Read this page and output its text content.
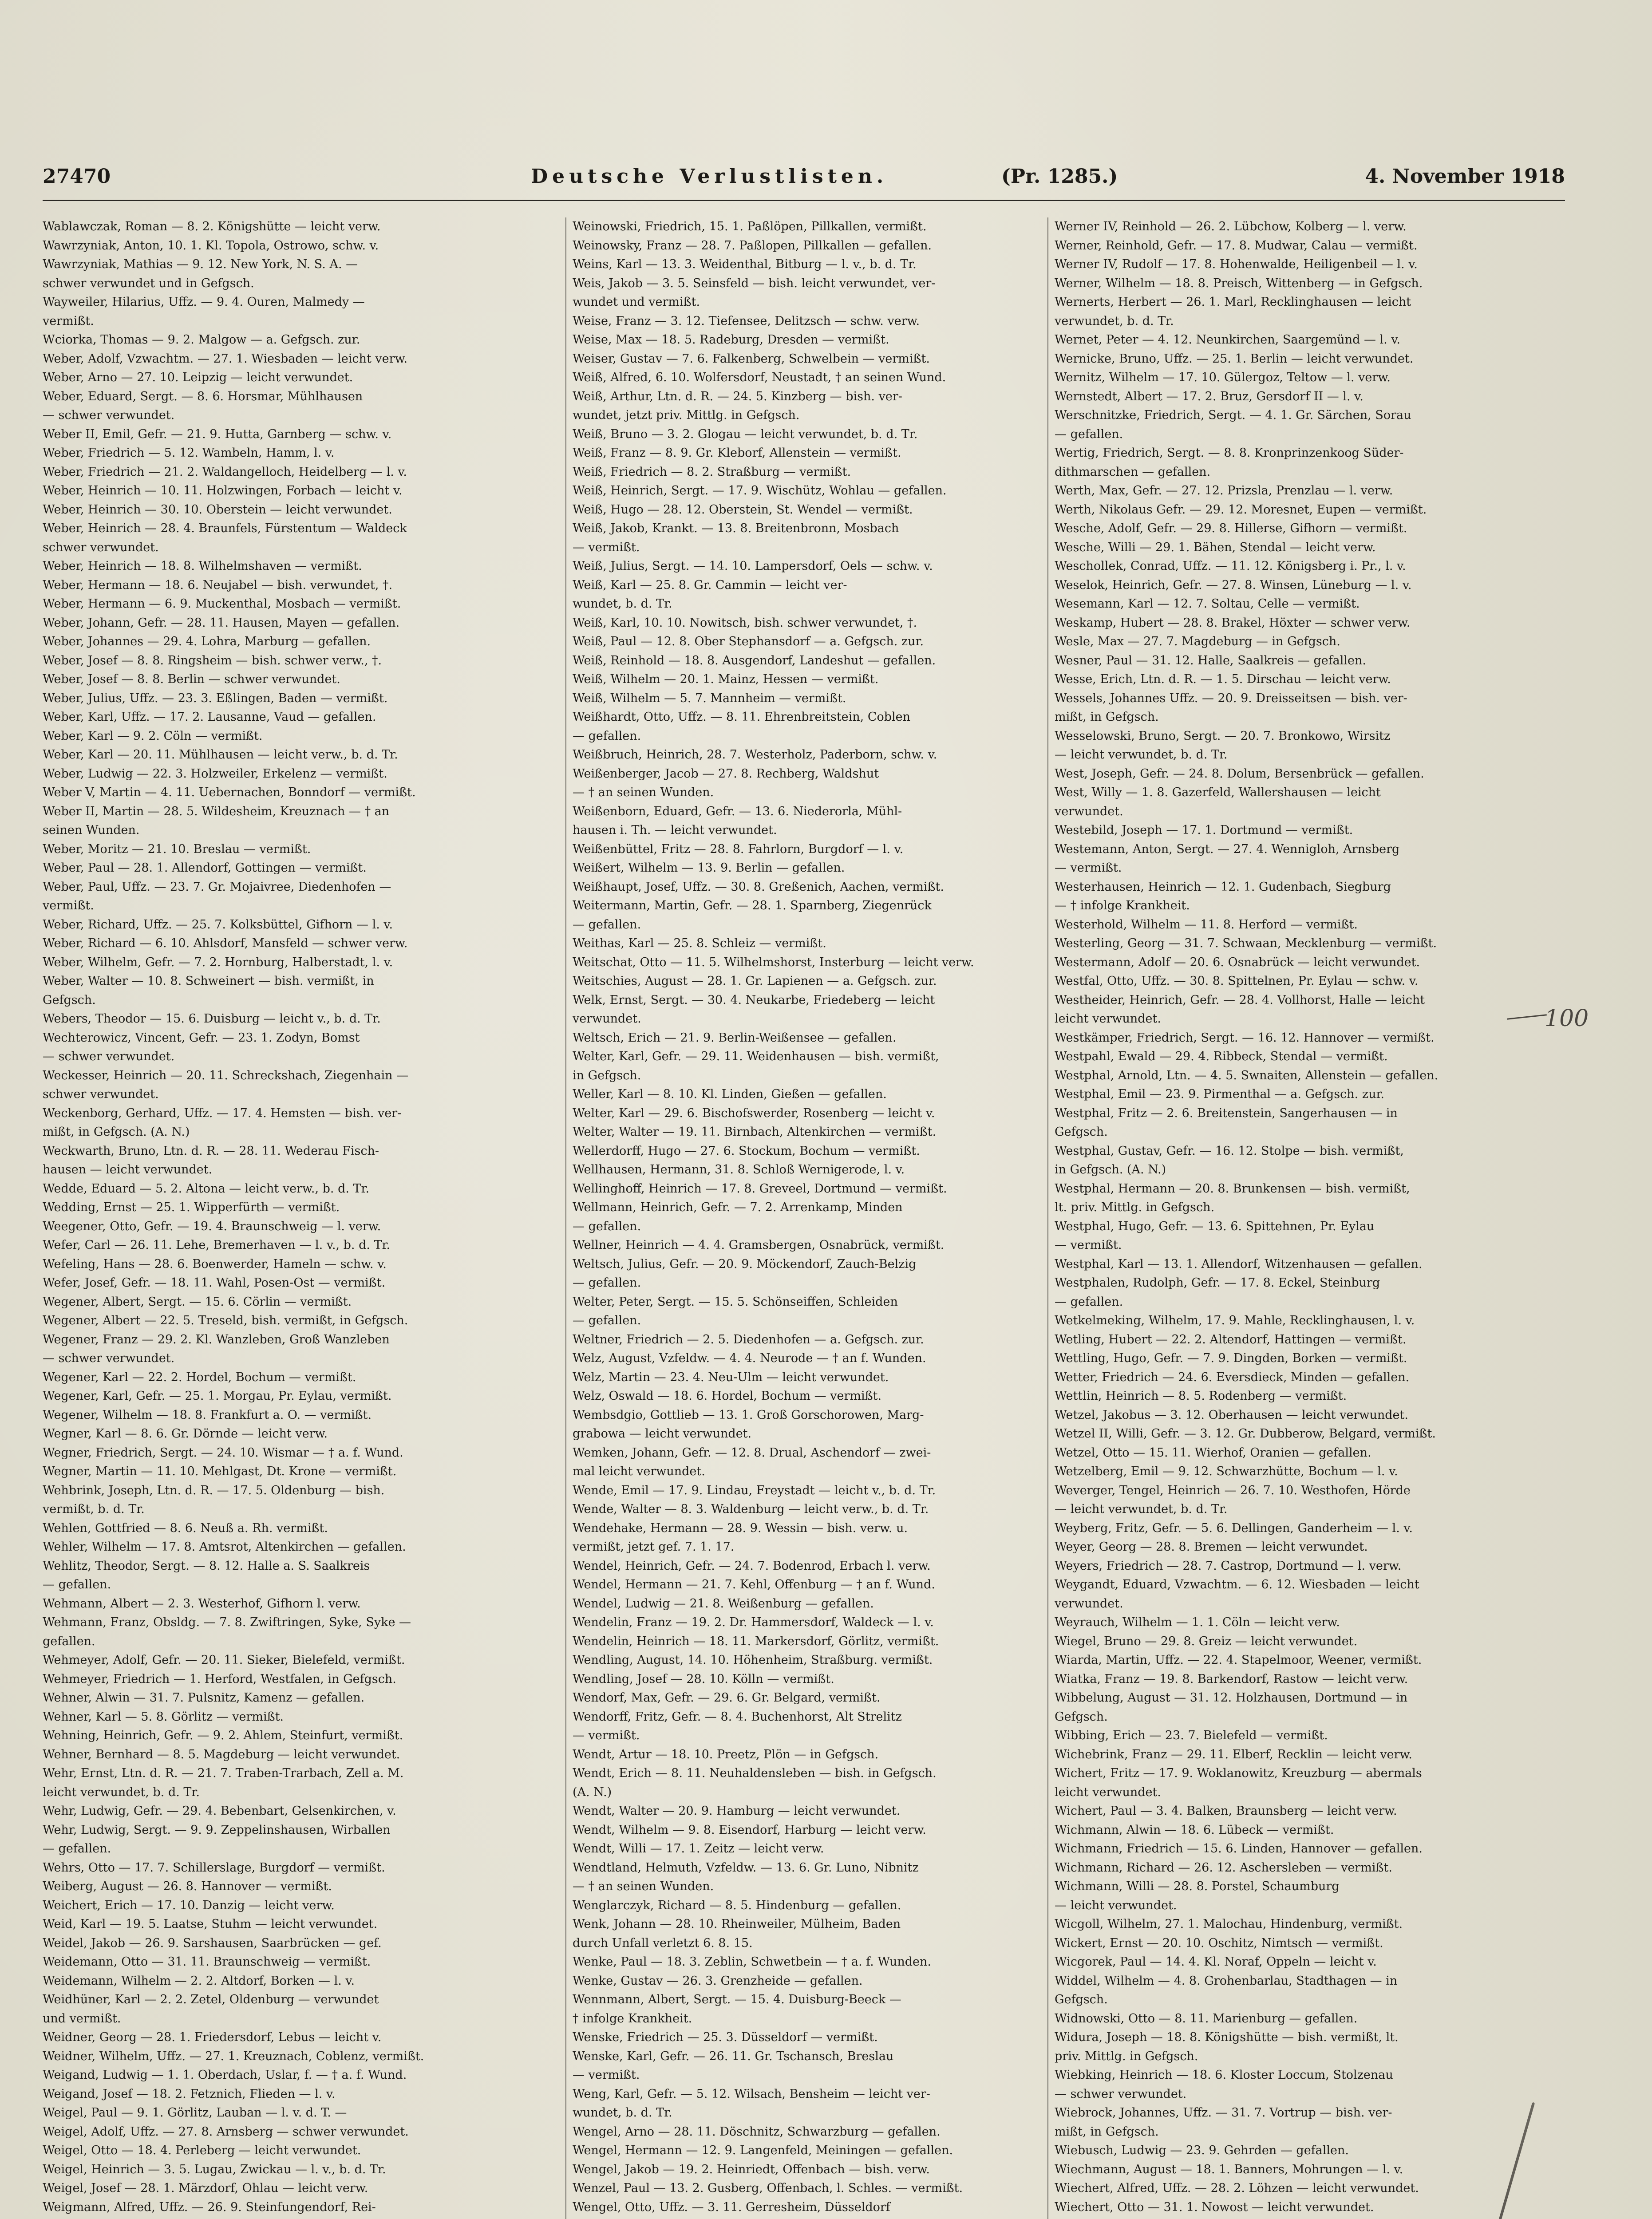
27470	Deutsche Verlustlisten.	(Pr. 1285.)	4. November 1918

Wablawczak, Roman — 8. 2. Königshütte — leicht verw.

Wawrzyniak, Anton, 10. 1. Kl. Topola, Ostrowo, schw. v.

Wawrzyniak, Mathias — 9. 12. New York, N. S. A. —

schwer verwundet und in Gefgsch.

Wayweiler, Hilarius, Uffz. — 9. 4. Ouren, Malmedy —

vermißt.

Wciorka, Thomas — 9. 2. Malgow — a. Gefgsch. zur.

Weber, Adolf, Vzwachtm. — 27. 1. Wiesbaden — leicht verw.

Weber, Arno — 27. 10. Leipzig — leicht verwundet.

Weber, Eduard, Sergt. — 8. 6. Horsmar, Mühlhausen

— schwer verwundet.

Weber II, Emil, Gefr. — 21. 9. Hutta, Garnberg — schw. v.

Weber, Friedrich — 5. 12. Wambeln, Hamm, l. v.

Weber, Friedrich — 21. 2. Waldangelloch, Heidelberg — l. v.

Weber, Heinrich — 10. 11. Holzwingen, Forbach — leicht v.

Weber, Heinrich — 30. 10. Oberstein — leicht verwundet.

Weber, Heinrich — 28. 4. Braunfels, Fürstentum — Waldeck

schwer verwundet.

Weber, Heinrich — 18. 8. Wilhelmshaven — vermißt.

Weber, Hermann — 18. 6. Neujabel — bish. verwundet, †.

Weber, Hermann — 6. 9. Muckenthal, Mosbach — vermißt.

Weber, Johann, Gefr. — 28. 11. Hausen, Mayen — gefallen.

Weber, Johannes — 29. 4. Lohra, Marburg — gefallen.

Weber, Josef — 8. 8. Ringsheim — bish. schwer verw., †.

Weber, Josef — 8. 8. Berlin — schwer verwundet.

Weber, Julius, Uffz. — 23. 3. Eßlingen, Baden — vermißt.

Weber, Karl, Uffz. — 17. 2. Lausanne, Vaud — gefallen.

Weber, Karl — 9. 2. Cöln — vermißt.

Weber, Karl — 20. 11. Mühlhausen — leicht verw., b. d. Tr.

Weber, Ludwig — 22. 3. Holzweiler, Erkelenz — vermißt.

Weber V, Martin — 4. 11. Uebernachen, Bonndorf — vermißt.

Weber II, Martin — 28. 5. Wildesheim, Kreuznach — † an

seinen Wunden.

Weber, Moritz — 21. 10. Breslau — vermißt.

Weber, Paul — 28. 1. Allendorf, Gottingen — vermißt.

Weber, Paul, Uffz. — 23. 7. Gr. Mojaivree, Diedenhofen —

vermißt.

Weber, Richard, Uffz. — 25. 7. Kolksbüttel, Gifhorn — l. v.

Weber, Richard — 6. 10. Ahlsdorf, Mansfeld — schwer verw.

Weber, Wilhelm, Gefr. — 7. 2. Hornburg, Halberstadt, l. v.

Weber, Walter — 10. 8. Schweinert — bish. vermißt, in

Gefgsch.

Webers, Theodor — 15. 6. Duisburg — leicht v., b. d. Tr.

Wechterowicz, Vincent, Gefr. — 23. 1. Zodyn, Bomst

— schwer verwundet.

Weckesser, Heinrich — 20. 11. Schreckshach, Ziegenhain —

schwer verwundet.

Weckenborg, Gerhard, Uffz. — 17. 4. Hemsten — bish. ver-

mißt, in Gefgsch. (A. N.)

Weckwarth, Bruno, Ltn. d. R. — 28. 11. Wederau Fisch-

hausen — leicht verwundet.

Wedde, Eduard — 5. 2. Altona — leicht verw., b. d. Tr.

Wedding, Ernst — 25. 1. Wipperfürth — vermißt.

Weegener, Otto, Gefr. — 19. 4. Braunschweig — l. verw.

Wefer, Carl — 26. 11. Lehe, Bremerhaven — l. v., b. d. Tr.

Wefeling, Hans — 28. 6. Boenwerder, Hameln — schw. v.

Wefer, Josef, Gefr. — 18. 11. Wahl, Posen-Ost — vermißt.

Wegener, Albert, Sergt. — 15. 6. Cörlin — vermißt.

Wegener, Albert — 22. 5. Treseld, bish. vermißt, in Gefgsch.

Wegener, Franz — 29. 2. Kl. Wanzleben, Groß Wanzleben

— schwer verwundet.

Wegener, Karl — 22. 2. Hordel, Bochum — vermißt.

Wegener, Karl, Gefr. — 25. 1. Morgau, Pr. Eylau, vermißt.

Wegener, Wilhelm — 18. 8. Frankfurt a. O. — vermißt.

Wegner, Karl — 8. 6. Gr. Dörnde — leicht verw.

Wegner, Friedrich, Sergt. — 24. 10. Wismar — † a. f. Wund.

Wegner, Martin — 11. 10. Mehlgast, Dt. Krone — vermißt.

Wehbrink, Joseph, Ltn. d. R. — 17. 5. Oldenburg — bish.

vermißt, b. d. Tr.

Wehlen, Gottfried — 8. 6. Neuß a. Rh. vermißt.

Wehler, Wilhelm — 17. 8. Amtsrot, Altenkirchen — gefallen.

Wehlitz, Theodor, Sergt. — 8. 12. Halle a. S. Saalkreis

— gefallen.

Wehmann, Albert — 2. 3. Westerhof, Gifhorn l. verw.

Wehmann, Franz, Obsldg. — 7. 8. Zwiftringen, Syke, Syke —

gefallen.

Wehmeyer, Adolf, Gefr. — 20. 11. Sieker, Bielefeld, vermißt.

Wehmeyer, Friedrich — 1. Herford, Westfalen, in Gefgsch.

Wehner, Alwin — 31. 7. Pulsnitz, Kamenz — gefallen.

Wehner, Karl — 5. 8. Görlitz — vermißt.

Wehning, Heinrich, Gefr. — 9. 2. Ahlem, Steinfurt, vermißt.

Wehner, Bernhard — 8. 5. Magdeburg — leicht verwundet.

Wehr, Ernst, Ltn. d. R. — 21. 7. Traben-Trarbach, Zell a. M.

leicht verwundet, b. d. Tr.

Wehr, Ludwig, Gefr. — 29. 4. Bebenbart, Gelsenkirchen, v.

Wehr, Ludwig, Sergt. — 9. 9. Zeppelinshausen, Wirballen

— gefallen.

Wehrs, Otto — 17. 7. Schillerslage, Burgdorf — vermißt.

Weiberg, August — 26. 8. Hannover — vermißt.

Weichert, Erich — 17. 10. Danzig — leicht verw.

Weid, Karl — 19. 5. Laatse, Stuhm — leicht verwundet.

Weidel, Jakob — 26. 9. Sarshausen, Saarbrücken — gef.

Weidemann, Otto — 31. 11. Braunschweig — vermißt.

Weidemann, Wilhelm — 2. 2. Altdorf, Borken — l. v.

Weidhüner, Karl — 2. 2. Zetel, Oldenburg — verwundet

und vermißt.

Weidner, Georg — 28. 1. Friedersdorf, Lebus — leicht v.

Weidner, Wilhelm, Uffz. — 27. 1. Kreuznach, Coblenz, vermißt.

Weigand, Ludwig — 1. 1. Oberdach, Uslar, f. — † a. f. Wund.

Weigand, Josef — 18. 2. Fetznich, Flieden — l. v.

Weigel, Paul — 9. 1. Görlitz, Lauban — l. v. d. T. —

Weigel, Adolf, Uffz. — 27. 8. Arnsberg — schwer verwundet.

Weigel, Otto — 18. 4. Perleberg — leicht verwundet.

Weigel, Heinrich — 3. 5. Lugau, Zwickau — l. v., b. d. Tr.

Weigel, Josef — 28. 1. Märzdorf, Ohlau — leicht verw.

Weigmann, Alfred, Uffz. — 26. 9. Steinfungendorf, Rei-

Weinowski, Friedrich, 15. 1. Paßlöpen, Pillkallen, vermißt.

Weinowsky, Franz — 28. 7. Paßlopen, Pillkallen — gefallen.

Weins, Karl — 13. 3. Weidenthal, Bitburg — l. v., b. d. Tr.

Weis, Jakob — 3. 5. Seinsfeld — bish. leicht verwundet, ver-

wundet und vermißt.

Weise, Franz — 3. 12. Tiefensee, Delitzsch — schw. verw.

Weise, Max — 18. 5. Radeburg, Dresden — vermißt.

Weiser, Gustav — 7. 6. Falkenberg, Schwelbein — vermißt.

Weiß, Alfred, 6. 10. Wolfersdorf, Neustadt, † an seinen Wund.

Weiß, Arthur, Ltn. d. R. — 24. 5. Kinzberg — bish. ver-

wundet, jetzt priv. Mittlg. in Gefgsch.

Weiß, Bruno — 3. 2. Glogau — leicht verwundet, b. d. Tr.

Weiß, Franz — 8. 9. Gr. Kleborf, Allenstein — vermißt.

Weiß, Friedrich — 8. 2. Straßburg — vermißt.

Weiß, Heinrich, Sergt. — 17. 9. Wischütz, Wohlau — gefallen.

Weiß, Hugo — 28. 12. Oberstein, St. Wendel — vermißt.

Weiß, Jakob, Krankt. — 13. 8. Breitenbronn, Mosbach

— vermißt.

Weiß, Julius, Sergt. — 14. 10. Lampersdorf, Oels — schw. v.

Weiß, Karl — 25. 8. Gr. Cammin — leicht ver-

wundet, b. d. Tr.

Weiß, Karl, 10. 10. Nowitsch, bish. schwer verwundet, †.

Weiß, Paul — 12. 8. Ober Stephansdorf — a. Gefgsch. zur.

Weiß, Reinhold — 18. 8. Ausgendorf, Landeshut — gefallen.

Weiß, Wilhelm — 20. 1. Mainz, Hessen — vermißt.

Weiß, Wilhelm — 5. 7. Mannheim — vermißt.

Weißhardt, Otto, Uffz. — 8. 11. Ehrenbreitstein, Coblen

— gefallen.

Weißbruch, Heinrich, 28. 7. Westerholz, Paderborn, schw. v.

Weißenberger, Jacob — 27. 8. Rechberg, Waldshut

— † an seinen Wunden.

Weißenborn, Eduard, Gefr. — 13. 6. Niederorla, Mühl-

hausen i. Th. — leicht verwundet.

Weißenbüttel, Fritz — 28. 8. Fahrlorn, Burgdorf — l. v.

Weißert, Wilhelm — 13. 9. Berlin — gefallen.

Weißhaupt, Josef, Uffz. — 30. 8. Greßenich, Aachen, vermißt.

Weitermann, Martin, Gefr. — 28. 1. Sparnberg, Ziegenrück

— gefallen.

Weithas, Karl — 25. 8. Schleiz — vermißt.

Weitschat, Otto — 11. 5. Wilhelmshorst, Insterburg — leicht verw.

Weitschies, August — 28. 1. Gr. Lapienen — a. Gefgsch. zur.

Welk, Ernst, Sergt. — 30. 4. Neukarbe, Friedeberg — leicht

verwundet.

Weltsch, Erich — 21. 9. Berlin-Weißensee — gefallen.

Welter, Karl, Gefr. — 29. 11. Weidenhausen — bish. vermißt,

in Gefgsch.

Weller, Karl — 8. 10. Kl. Linden, Gießen — gefallen.

Welter, Karl — 29. 6. Bischofswerder, Rosenberg — leicht v.

Welter, Walter — 19. 11. Birnbach, Altenkirchen — vermißt.

Wellerdorff, Hugo — 27. 6. Stockum, Bochum — vermißt.

Wellhausen, Hermann, 31. 8. Schloß Wernigerode, l. v.

Wellinghoff, Heinrich — 17. 8. Greveel, Dortmund — vermißt.

Wellmann, Heinrich, Gefr. — 7. 2. Arrenkamp, Minden

— gefallen.

Wellner, Heinrich — 4. 4. Gramsbergen, Osnabrück, vermißt.

Weltsch, Julius, Gefr. — 20. 9. Möckendorf, Zauch-Belzig

— gefallen.

Welter, Peter, Sergt. — 15. 5. Schönseiffen, Schleiden

— gefallen.

Weltner, Friedrich — 2. 5. Diedenhofen — a. Gefgsch. zur.

Welz, August, Vzfeldw. — 4. 4. Neurode — † an f. Wunden.

Welz, Martin — 23. 4. Neu-Ulm — leicht verwundet.

Welz, Oswald — 18. 6. Hordel, Bochum — vermißt.

Wembsdgio, Gottlieb — 13. 1. Groß Gorschorowen, Marg-

grabowa — leicht verwundet.

Wemken, Johann, Gefr. — 12. 8. Drual, Aschendorf — zwei-

mal leicht verwundet.

Wende, Emil — 17. 9. Lindau, Freystadt — leicht v., b. d. Tr.

Wende, Walter — 8. 3. Waldenburg — leicht verw., b. d. Tr.

Wendehake, Hermann — 28. 9. Wessin — bish. verw. u.

vermißt, jetzt gef. 7. 1. 17.

Wendel, Heinrich, Gefr. — 24. 7. Bodenrod, Erbach l. verw.

Wendel, Hermann — 21. 7. Kehl, Offenburg — † an f. Wund.

Wendel, Ludwig — 21. 8. Weißenburg — gefallen.

Wendelin, Franz — 19. 2. Dr. Hammersdorf, Waldeck — l. v.

Wendelin, Heinrich — 18. 11. Markersdorf, Görlitz, vermißt.

Wendling, August, 14. 10. Höhenheim, Straßburg. vermißt.

Wendling, Josef — 28. 10. Kölln — vermißt.

Wendorf, Max, Gefr. — 29. 6. Gr. Belgard, vermißt.

Wendorff, Fritz, Gefr. — 8. 4. Buchenhorst, Alt Strelitz

— vermißt.

Wendt, Artur — 18. 10. Preetz, Plön — in Gefgsch.

Wendt, Erich — 8. 11. Neuhaldensleben — bish. in Gefgsch.

(A. N.)

Wendt, Walter — 20. 9. Hamburg — leicht verwundet.

Wendt, Wilhelm — 9. 8. Eisendorf, Harburg — leicht verw.

Wendt, Willi — 17. 1. Zeitz — leicht verw.

Wendtland, Helmuth, Vzfeldw. — 13. 6. Gr. Luno, Nibnitz

— † an seinen Wunden.

Wenglarczyk, Richard — 8. 5. Hindenburg — gefallen.

Wenk, Johann — 28. 10. Rheinweiler, Mülheim, Baden

durch Unfall verletzt 6. 8. 15.

Wenke, Paul — 18. 3. Zeblin, Schwetbein — † a. f. Wunden.

Wenke, Gustav — 26. 3. Grenzheide — gefallen.

Wennmann, Albert, Sergt. — 15. 4. Duisburg-Beeck —

† infolge Krankheit.

Wenske, Friedrich — 25. 3. Düsseldorf — vermißt.

Wenske, Karl, Gefr. — 26. 11. Gr. Tschansch, Breslau

— vermißt.

Weng, Karl, Gefr. — 5. 12. Wilsach, Bensheim — leicht ver-

wundet, b. d. Tr.

Wengel, Arno — 28. 11. Döschnitz, Schwarzburg — gefallen.

Wengel, Hermann — 12. 9. Langenfeld, Meiningen — gefallen.

Wengel, Jakob — 19. 2. Heinriedt, Offenbach — bish. verw.

Wenzel, Paul — 13. 2. Gusberg, Offenbach, l. Schles. — vermißt.

Wengel, Otto, Uffz. — 3. 11. Gerresheim, Düsseldorf

Werner IV, Reinhold — 26. 2. Lübchow, Kolberg — l. verw.

Werner, Reinhold, Gefr. — 17. 8. Mudwar, Calau — vermißt.

Werner IV, Rudolf — 17. 8. Hohenwalde, Heiligenbeil — l. v.

Werner, Wilhelm — 18. 8. Preisch, Wittenberg — in Gefgsch.

Wernerts, Herbert — 26. 1. Marl, Recklinghausen — leicht

verwundet, b. d. Tr.

Wernet, Peter — 4. 12. Neunkirchen, Saargemünd — l. v.

Wernicke, Bruno, Uffz. — 25. 1. Berlin — leicht verwundet.

Wernitz, Wilhelm — 17. 10. Gülergoz, Teltow — l. verw.

Wernstedt, Albert — 17. 2. Bruz, Gersdorf II — l. v.

Werschnitzke, Friedrich, Sergt. — 4. 1. Gr. Särchen, Sorau

— gefallen.

Wertig, Friedrich, Sergt. — 8. 8. Kronprinzenkoog Süder-

dithmarschen — gefallen.

Werth, Max, Gefr. — 27. 12. Prizsla, Prenzlau — l. verw.

Werth, Nikolaus Gefr. — 29. 12. Moresnet, Eupen — vermißt.

Wesche, Adolf, Gefr. — 29. 8. Hillerse, Gifhorn — vermißt.

Wesche, Willi — 29. 1. Bähen, Stendal — leicht verw.

Weschollek, Conrad, Uffz. — 11. 12. Königsberg i. Pr., l. v.

Weselok, Heinrich, Gefr. — 27. 8. Winsen, Lüneburg — l. v.

Wesemann, Karl — 12. 7. Soltau, Celle — vermißt.

Weskamp, Hubert — 28. 8. Brakel, Höxter — schwer verw.

Wesle, Max — 27. 7. Magdeburg — in Gefgsch.

Wesner, Paul — 31. 12. Halle, Saalkreis — gefallen.

Wesse, Erich, Ltn. d. R. — 1. 5. Dirschau — leicht verw.

Wessels, Johannes Uffz. — 20. 9. Dreisseitsen — bish. ver-

mißt, in Gefgsch.

Wesselowski, Bruno, Sergt. — 20. 7. Bronkowo, Wirsitz

— leicht verwundet, b. d. Tr.

West, Joseph, Gefr. — 24. 8. Dolum, Bersenbrück — gefallen.

West, Willy — 1. 8. Gazerfeld, Wallershausen — leicht

verwundet.

Westebild, Joseph — 17. 1. Dortmund — vermißt.

Westemann, Anton, Sergt. — 27. 4. Wennigloh, Arnsberg

— vermißt.

Westerhausen, Heinrich — 12. 1. Gudenbach, Siegburg

— † infolge Krankheit.

Westerhold, Wilhelm — 11. 8. Herford — vermißt.

Westerling, Georg — 31. 7. Schwaan, Mecklenburg — vermißt.

Westermann, Adolf — 20. 6. Osnabrück — leicht verwundet.

Westfal, Otto, Uffz. — 30. 8. Spittelnen, Pr. Eylau — schw. v.

Westheider, Heinrich, Gefr. — 28. 4. Vollhorst, Halle — leicht

leicht verwundet.

Westkämper, Friedrich, Sergt. — 16. 12. Hannover — vermißt.

Westpahl, Ewald — 29. 4. Ribbeck, Stendal — vermißt.

Westphal, Arnold, Ltn. — 4. 5. Swnaiten, Allenstein — gefallen.

Westphal, Emil — 23. 9. Pirmenthal — a. Gefgsch. zur.

Westphal, Fritz — 2. 6. Breitenstein, Sangerhausen — in

Gefgsch.

Westphal, Gustav, Gefr. — 16. 12. Stolpe — bish. vermißt,

in Gefgsch. (A. N.)

Westphal, Hermann — 20. 8. Brunkensen — bish. vermißt,

lt. priv. Mittlg. in Gefgsch.

Westphal, Hugo, Gefr. — 13. 6. Spittehnen, Pr. Eylau

— vermißt.

Westphal, Karl — 13. 1. Allendorf, Witzenhausen — gefallen.

Westphalen, Rudolph, Gefr. — 17. 8. Eckel, Steinburg

— gefallen.

Wetkelmeking, Wilhelm, 17. 9. Mahle, Recklinghausen, l. v.

Wetling, Hubert — 22. 2. Altendorf, Hattingen — vermißt.

Wettling, Hugo, Gefr. — 7. 9. Dingden, Borken — vermißt.

Wetter, Friedrich — 24. 6. Eversdieck, Minden — gefallen.

Wettlin, Heinrich — 8. 5. Rodenberg — vermißt.

Wetzel, Jakobus — 3. 12. Oberhausen — leicht verwundet.

Wetzel II, Willi, Gefr. — 3. 12. Gr. Dubberow, Belgard, vermißt.

Wetzel, Otto — 15. 11. Wierhof, Oranien — gefallen.

Wetzelberg, Emil — 9. 12. Schwarzhütte, Bochum — l. v.

Weverger, Tengel, Heinrich — 26. 7. 10. Westhofen, Hörde

— leicht verwundet, b. d. Tr.

Weyberg, Fritz, Gefr. — 5. 6. Dellingen, Ganderheim — l. v.

Weyer, Georg — 28. 8. Bremen — leicht verwundet.

Weyers, Friedrich — 28. 7. Castrop, Dortmund — l. verw.

Weygandt, Eduard, Vzwachtm. — 6. 12. Wiesbaden — leicht

verwundet.

Weyrauch, Wilhelm — 1. 1. Cöln — leicht verw.

Wiegel, Bruno — 29. 8. Greiz — leicht verwundet.

Wiarda, Martin, Uffz. — 22. 4. Stapelmoor, Weener, vermißt.

Wiatka, Franz — 19. 8. Barkendorf, Rastow — leicht verw.

Wibbelung, August — 31. 12. Holzhausen, Dortmund — in

Gefgsch.

Wibbing, Erich — 23. 7. Bielefeld — vermißt.

Wichebrink, Franz — 29. 11. Elberf, Recklin — leicht verw.

Wichert, Fritz — 17. 9. Woklanowitz, Kreuzburg — abermals

leicht verwundet.

Wichert, Paul — 3. 4. Balken, Braunsberg — leicht verw.

Wichmann, Alwin — 18. 6. Lübeck — vermißt.

Wichmann, Friedrich — 15. 6. Linden, Hannover — gefallen.

Wichmann, Richard — 26. 12. Aschersleben — vermißt.

Wichmann, Willi — 28. 8. Porstel, Schaumburg

— leicht verwundet.

Wicgoll, Wilhelm, 27. 1. Malochau, Hindenburg, vermißt.

Wickert, Ernst — 20. 10. Oschitz, Nimtsch — vermißt.

Wicgorek, Paul — 14. 4. Kl. Noraf, Oppeln — leicht v.

Widdel, Wilhelm — 4. 8. Grohenbarlau, Stadthagen — in

Gefgsch.

Widnowski, Otto — 8. 11. Marienburg — gefallen.

Widura, Joseph — 18. 8. Königshütte — bish. vermißt, lt.

priv. Mittlg. in Gefgsch.

Wiebking, Heinrich — 18. 6. Kloster Loccum, Stolzenau

— schwer verwundet.

Wiebrock, Johannes, Uffz. — 31. 7. Vortrup — bish. ver-

mißt, in Gefgsch.

Wiebusch, Ludwig — 23. 9. Gehrden — gefallen.

Wiechmann, August — 18. 1. Banners, Mohrungen — l. v.

Wiechert, Alfred, Uffz. — 28. 2. Löhzen — leicht verwundet.

Wiechert, Otto — 31. 1. Nowost — leicht verwundet.

100
